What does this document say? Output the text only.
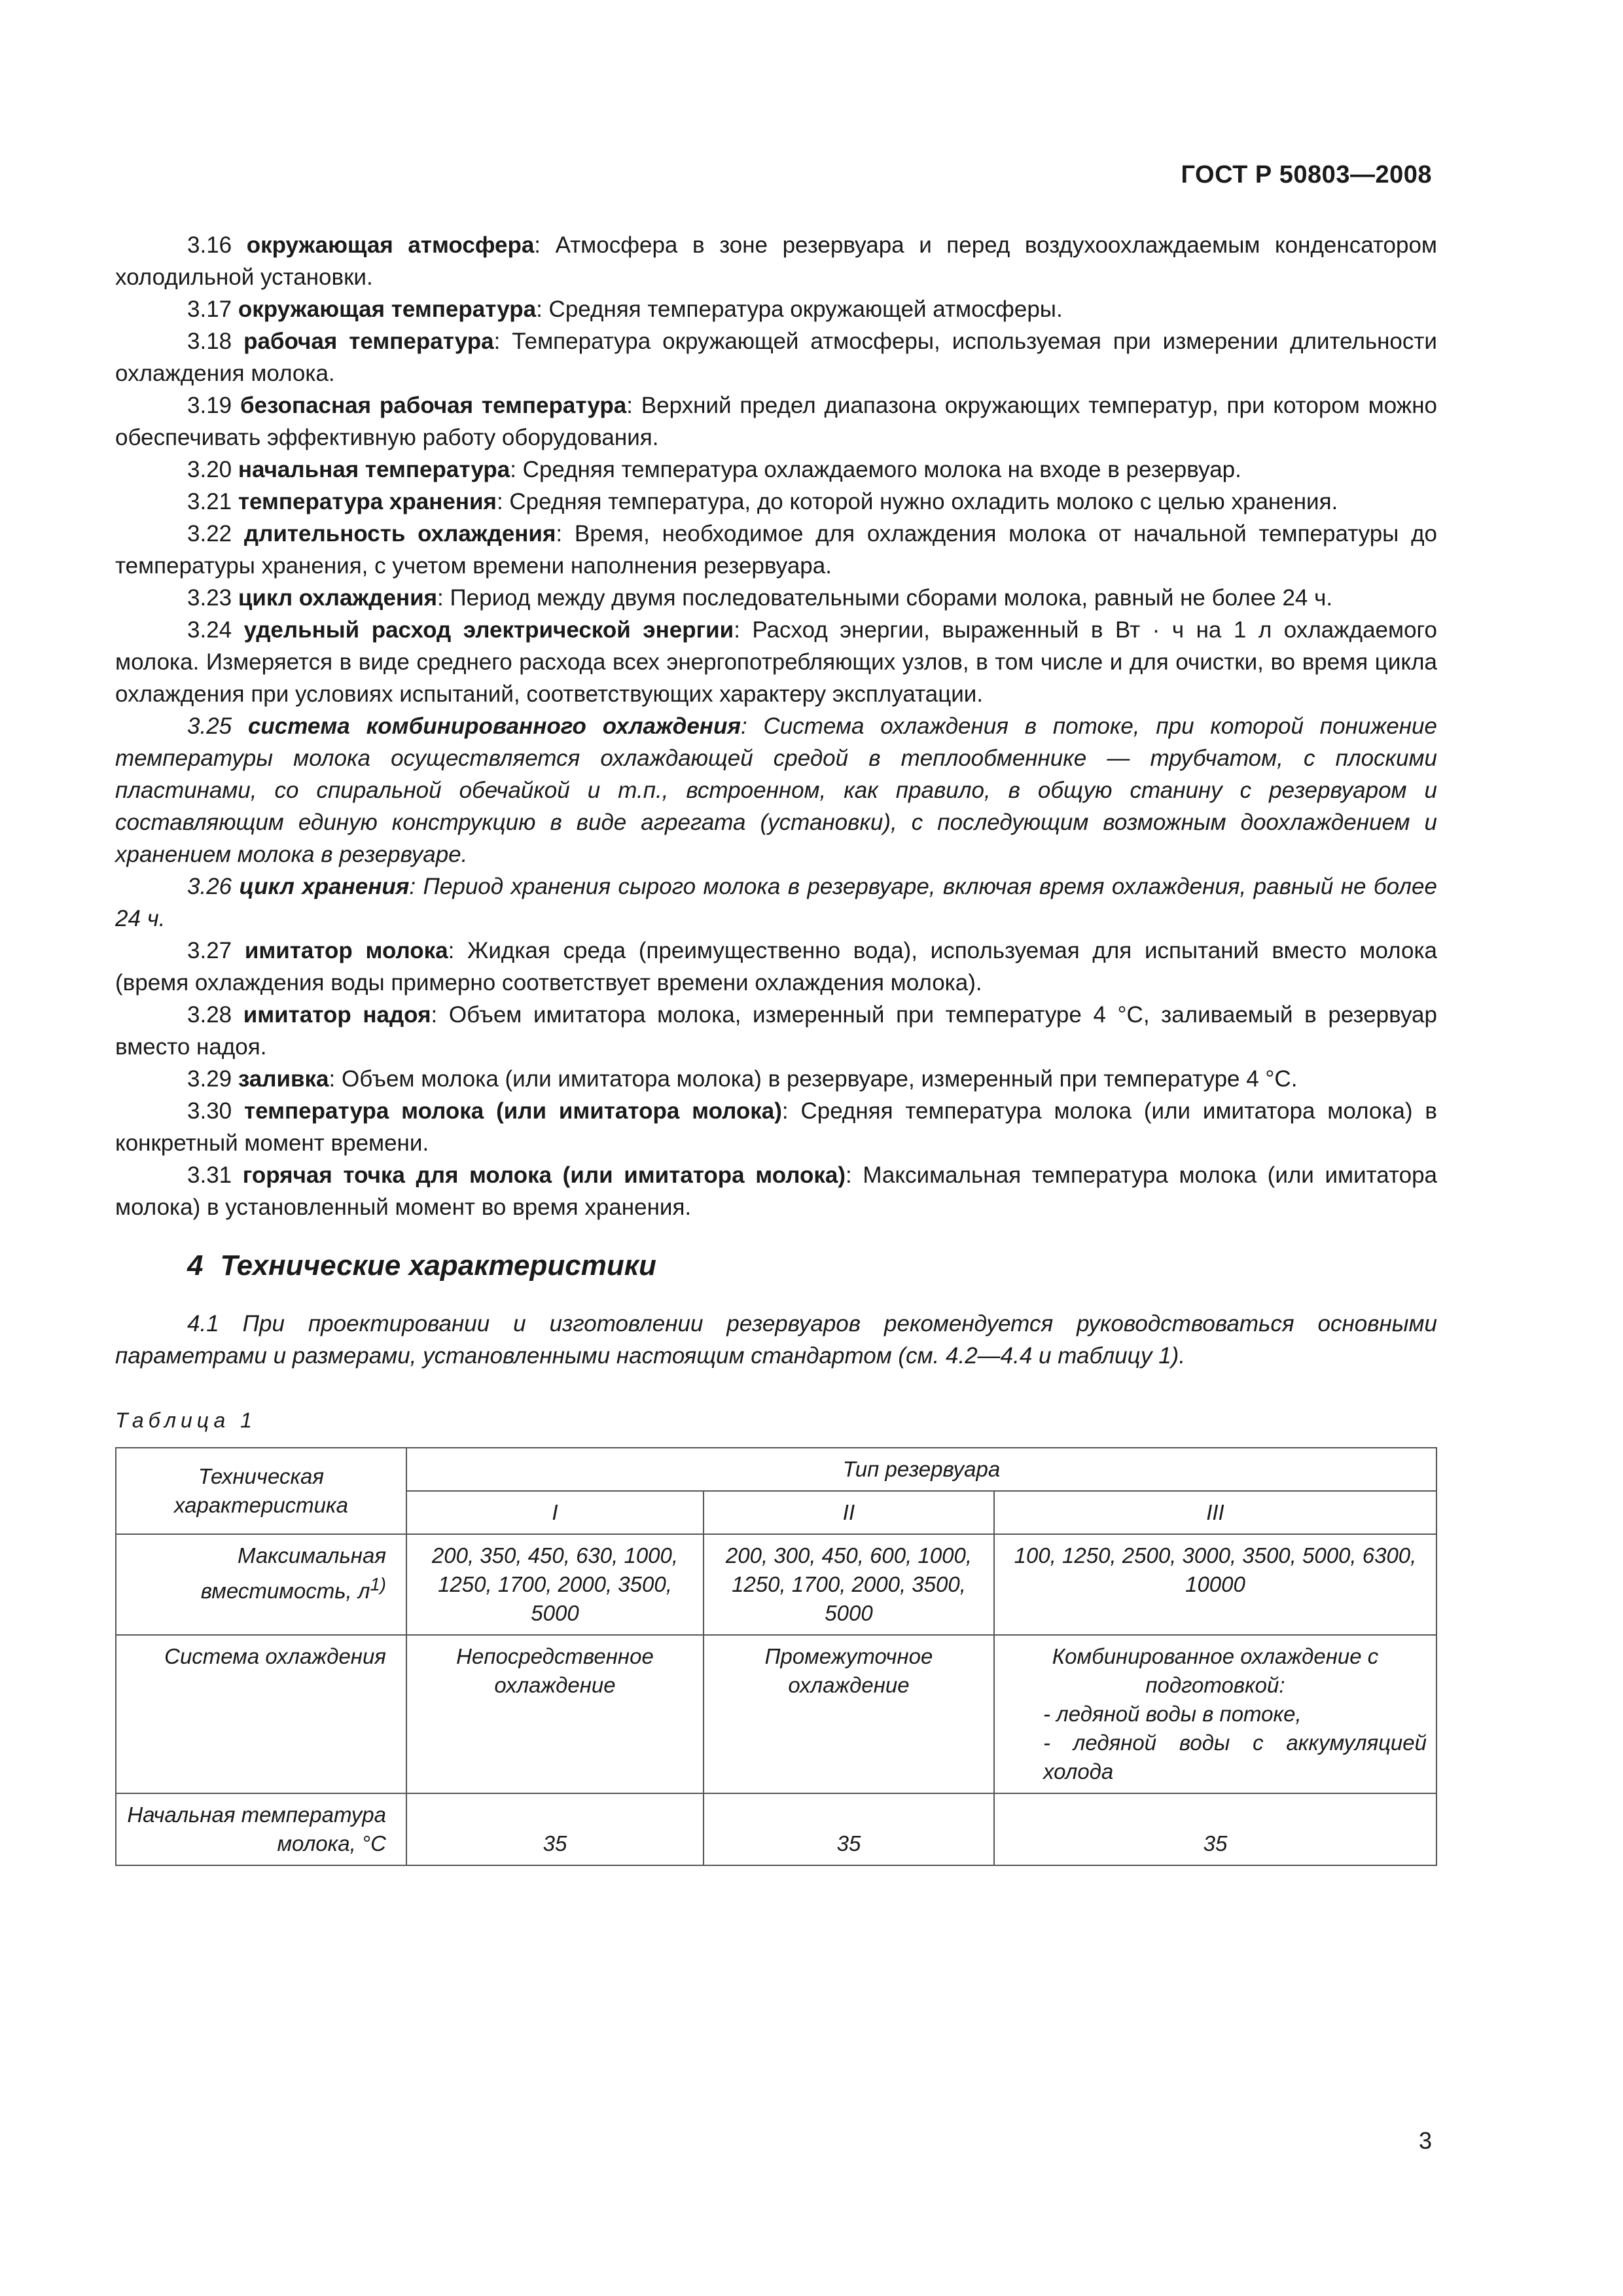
ГОСТ Р 50803—2008

3.16 окружающая атмосфера: Атмосфера в зоне резервуара и перед воздухоохлаждаемым конденсатором холодильной установки.

3.17 окружающая температура: Средняя температура окружающей атмосферы.

3.18 рабочая температура: Температура окружающей атмосферы, используемая при измерении длительности охлаждения молока.

3.19 безопасная рабочая температура: Верхний предел диапазона окружающих температур, при котором можно обеспечивать эффективную работу оборудования.

3.20 начальная температура: Средняя температура охлаждаемого молока на входе в резервуар.

3.21 температура хранения: Средняя температура, до которой нужно охладить молоко с целью хранения.

3.22 длительность охлаждения: Время, необходимое для охлаждения молока от начальной температуры до температуры хранения, с учетом времени наполнения резервуара.

3.23 цикл охлаждения: Период между двумя последовательными сборами молока, равный не более 24 ч.

3.24 удельный расход электрической энергии: Расход энергии, выраженный в Вт · ч на 1 л охлаждаемого молока. Измеряется в виде среднего расхода всех энергопотребляющих узлов, в том числе и для очистки, во время цикла охлаждения при условиях испытаний, соответствующих характеру эксплуатации.

3.25 система комбинированного охлаждения: Система охлаждения в потоке, при которой понижение температуры молока осуществляется охлаждающей средой в теплообменнике — трубчатом, с плоскими пластинами, со спиральной обечайкой и т.п., встроенном, как правило, в общую станину с резервуаром и составляющим единую конструкцию в виде агрегата (установки), с последующим возможным доохлаждением и хранением молока в резервуаре.

3.26 цикл хранения: Период хранения сырого молока в резервуаре, включая время охлаждения, равный не более 24 ч.

3.27 имитатор молока: Жидкая среда (преимущественно вода), используемая для испытаний вместо молока (время охлаждения воды примерно соответствует времени охлаждения молока).

3.28 имитатор надоя: Объем имитатора молока, измеренный при температуре 4 °С, заливаемый в резервуар вместо надоя.

3.29 заливка: Объем молока (или имитатора молока) в резервуаре, измеренный при температуре 4 °С.

3.30 температура молока (или имитатора молока): Средняя температура молока (или имитатора молока) в конкретный момент времени.

3.31 горячая точка для молока (или имитатора молока): Максимальная температура молока (или имитатора молока) в установленный момент во время хранения.

4 Технические характеристики

4.1 При проектировании и изготовлении резервуаров рекомендуется руководствоваться основными параметрами и размерами, установленными настоящим стандартом (см. 4.2—4.4 и таблицу 1).

Таблица 1
Техническая характеристика	Тип резервуара		
	I	II	III
Максимальная вместимость, $л^{1)}$	200, 350, 450, 630, 1000, 1250, 1700, 2000, 3500, 5000	200, 300, 450, 600, 1000, 1250, 1700, 2000, 3500, 5000	100, 1250, 2500, 3000, 3500, 5000, 6300, 10000
Система охлаждения	Непосредственное охлаждение	Промежуточное охлаждение	Комбинированное охлаждение с подготовкой:
- ледяной воды в потоке,
- ледяной воды с аккумуляцией холода

Начальная температура молока, °С	35	35	35
3
